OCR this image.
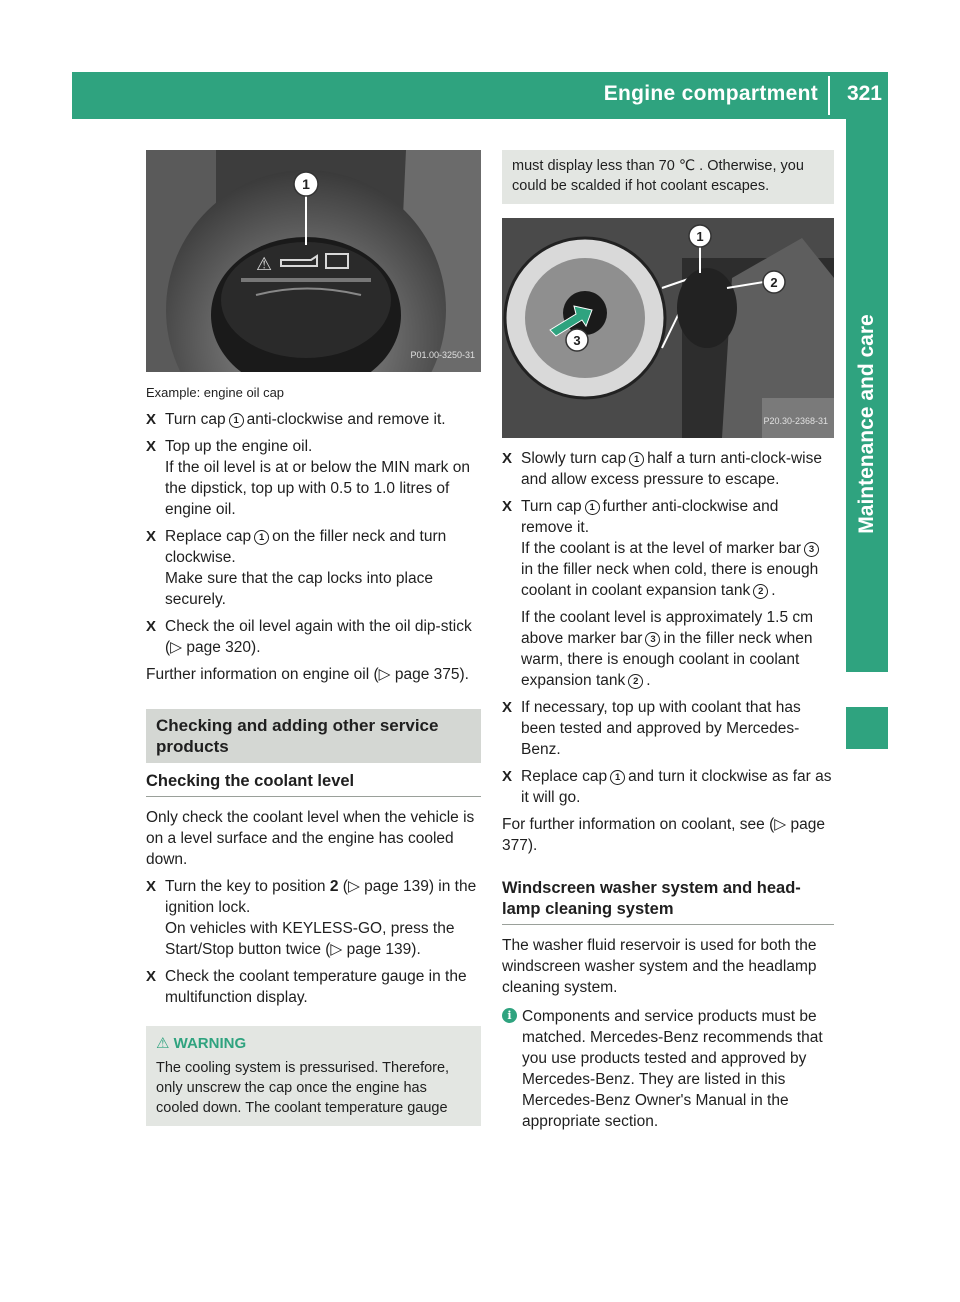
Engine compartment 321
Maintenance and care
⚠
1
P01.00-3250-31
Example: engine oil cap
X Turn cap 1 anti-clockwise and remove it.

X Top up the engine oil.

If the oil level is at or below the MIN mark on the dipstick, top up with 0.5 to 1.0 litres of engine oil.

X Replace cap 1 on the filler neck and turn clockwise.

Make sure that the cap locks into place securely.

X Check the oil level again with the oil dip-stick (▷ page 320).

Further information on engine oil (▷ page 375).
Checking and adding other service products
Checking the coolant level
Only check the coolant level when the vehicle is on a level surface and the engine has cooled down.
X Turn the key to position 2 (▷ page 139) in the ignition lock.

On vehicles with KEYLESS-GO, press the Start/Stop button twice (▷ page 139).

X Check the coolant temperature gauge in the multifunction display.

⚠ WARNING
The cooling system is pressurised. Therefore, only unscrew the cap once the engine has cooled down. The coolant temperature gauge
must display less than 70 ℃ . Otherwise, you could be scalded if hot coolant escapes.
1
2
3
P20.30-2368-31
X Slowly turn cap 1 half a turn anti-clock-wise and allow excess pressure to escape.

X Turn cap 1 further anti-clockwise and remove it.

If the coolant is at the level of marker bar 3in the filler neck when cold, there is enough coolant in coolant expansion tank 2 .

If the coolant level is approximately 1.5 cm above marker bar 3 in the filler neck when warm, there is enough coolant in coolant expansion tank 2 .

X If necessary, top up with coolant that has been tested and approved by Mercedes-Benz.

X Replace cap 1 and turn it clockwise as far as it will go.

For further information on coolant, see (▷ page 377).
Windscreen washer system and head-lamp cleaning system
The washer fluid reservoir is used for both the windscreen washer system and the headlamp cleaning system.
i Components and service products must be matched. Mercedes-Benz recommends that you use products tested and approved by Mercedes-Benz. They are listed in this Mercedes-Benz Owner's Manual in the appropriate section.
